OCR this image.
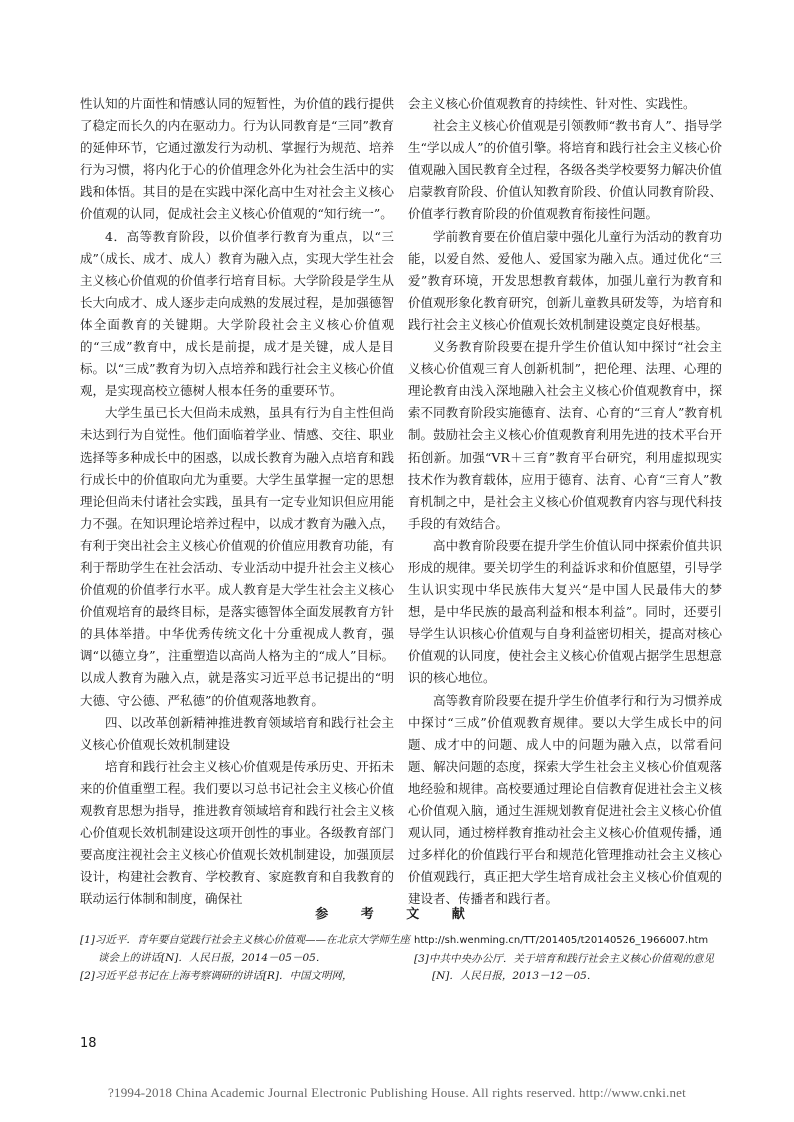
性认知的片面性和情感认同的短暂性，为价值的践行提供了稳定而长久的内在驱动力。行为认同教育是“三同”教育的延伸环节，它通过激发行为动机、掌握行为规范、培养行为习惯，将内化于心的价值理念外化为社会生活中的实践和体悟。其目的是在实践中深化高中生对社会主义核心价值观的认同，促成社会主义核心价值观的“知行统一”。

4．高等教育阶段，以价值孝行教育为重点，以“三成”（成长、成才、成人）教育为融入点，实现大学生社会主义核心价值观的价值孝行培育目标。大学阶段是学生从长大向成才、成人逐步走向成熟的发展过程，是加强德智体全面教育的关键期。大学阶段社会主义核心价值观的“三成”教育中，成长是前提，成才是关键，成人是目标。以“三成”教育为切入点培养和践行社会主义核心价值观，是实现高校立德树人根本任务的重要环节。

大学生虽已长大但尚未成熟，虽具有行为自主性但尚未达到行为自觉性。他们面临着学业、情感、交往、职业选择等多种成长中的困惑，以成长教育为融入点培育和践行成长中的价值取向尤为重要。大学生虽掌握一定的思想理论但尚未付诸社会实践，虽具有一定专业知识但应用能力不强。在知识理论培养过程中，以成才教育为融入点，有利于突出社会主义核心价值观的价值应用教育功能，有利于帮助学生在社会活动、专业活动中提升社会主义核心价值观的价值孝行水平。成人教育是大学生社会主义核心价值观培育的最终目标，是落实德智体全面发展教育方针的具体举措。中华优秀传统文化十分重视成人教育，强调“以德立身”，注重塑造以高尚人格为主的“成人”目标。以成人教育为融入点，就是落实习近平总书记提出的“明大德、守公德、严私德”的价值观落地教育。

四、以改革创新精神推进教育领域培育和践行社会主义核心价值观长效机制建设

培育和践行社会主义核心价值观是传承历史、开拓未来的价值重塑工程。我们要以习总书记社会主义核心价值观教育思想为指导，推进教育领域培育和践行社会主义核心价值观长效机制建设这项开创性的事业。各级教育部门要高度注视社会主义核心价值观长效机制建设，加强顶层设计，构建社会教育、学校教育、家庭教育和自我教育的联动运行体制和制度，确保社

会主义核心价值观教育的持续性、针对性、实践性。

社会主义核心价值观是引领教师“教书育人”、指导学生“学以成人”的价值引擎。将培育和践行社会主义核心价值观融入国民教育全过程，各级各类学校要努力解决价值启蒙教育阶段、价值认知教育阶段、价值认同教育阶段、价值孝行教育阶段的价值观教育衔接性问题。

学前教育要在价值启蒙中强化儿童行为活动的教育功能，以爱自然、爱他人、爱国家为融入点。通过优化“三爱”教育环境，开发思想教育载体，加强儿童行为教育和价值观形象化教育研究，创新儿童教具研发等，为培育和践行社会主义核心价值观长效机制建设奠定良好根基。

义务教育阶段要在提升学生价值认知中探讨“社会主义核心价值观三育人创新机制”，把伦理、法理、心理的理论教育由浅入深地融入社会主义核心价值观教育中，探索不同教育阶段实施德育、法育、心育的“三育人”教育机制。鼓励社会主义核心价值观教育利用先进的技术平台开拓创新。加强“VR＋三育”教育平台研究，利用虚拟现实技术作为教育载体，应用于德育、法育、心育“三育人”教育机制之中，是社会主义核心价值观教育内容与现代科技手段的有效结合。

高中教育阶段要在提升学生价值认同中探索价值共识形成的规律。要关切学生的利益诉求和价值愿望，引导学生认识实现中华民族伟大复兴“是中国人民最伟大的梦想，是中华民族的最高利益和根本利益”。同时，还要引导学生认识核心价值观与自身利益密切相关，提高对核心价值观的认同度，使社会主义核心价值观占据学生思想意识的核心地位。

高等教育阶段要在提升学生价值孝行和行为习惯养成中探讨“三成”价值观教育规律。要以大学生成长中的问题、成才中的问题、成人中的问题为融入点，以常看问题、解决问题的态度，探索大学生社会主义核心价值观落地经验和规律。高校要通过理论自信教育促进社会主义核心价值观入脑，通过生涯规划教育促进社会主义核心价值观认同，通过榜样教育推动社会主义核心价值观传播，通过多样化的价值践行平台和规范化管理推动社会主义核心价值观践行，真正把大学生培育成社会主义核心价值观的建设者、传播者和践行者。

参 考 文 献

[1]习近平．青年要自觉践行社会主义核心价值观——在北京大学师生座谈会上的讲话[N]．人民日报，2014－05－05．

[2]习近平总书记在上海考察调研的讲话[R]．中国文明网，

http://sh.wenming.cn/TT/201405/t20140526_1966007.htm

[3]中共中央办公厅．关于培育和践行社会主义核心价值观的意见[N]．人民日报，2013－12－05．

18
?1994-2018 China Academic Journal Electronic Publishing House. All rights reserved. http://www.cnki.net
